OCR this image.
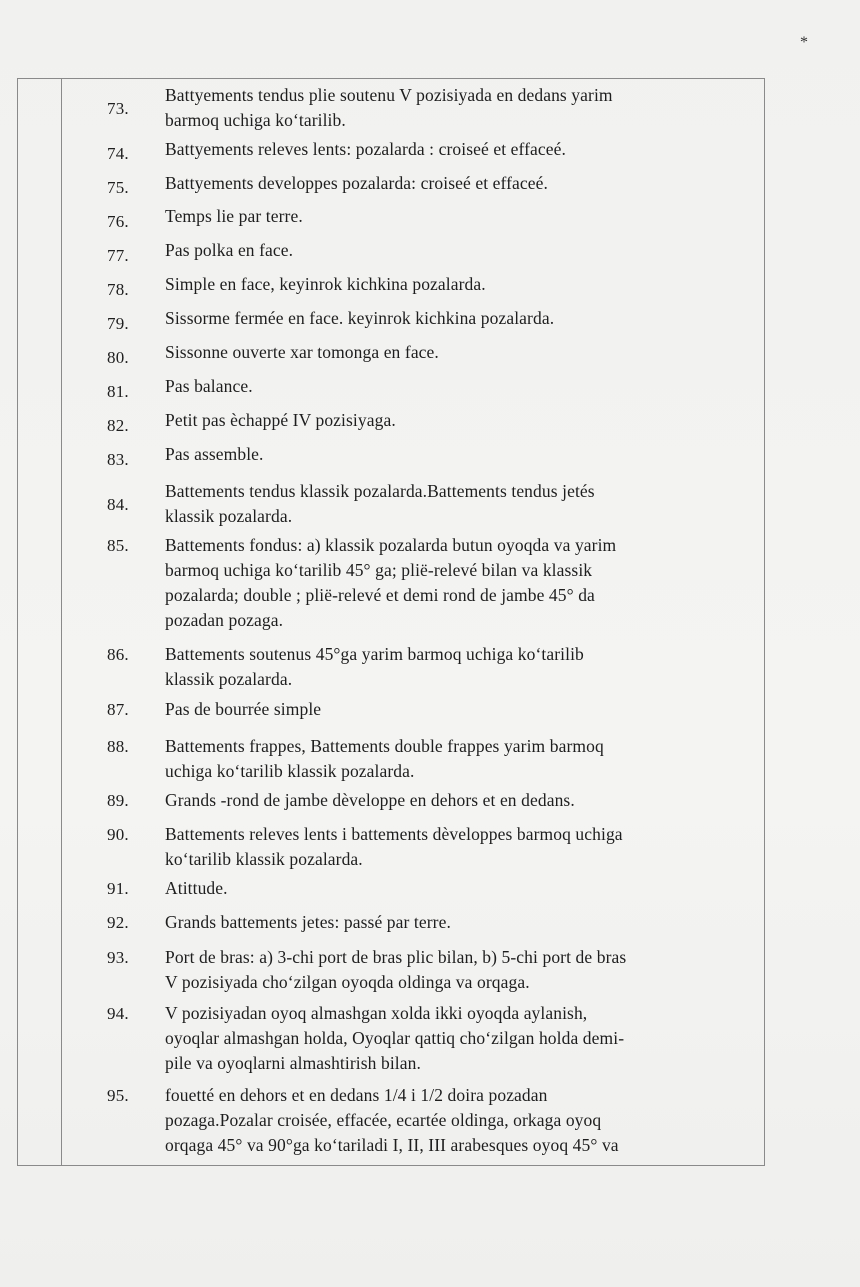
*
73.
Battyements tendus plie soutenu V pozisiyada en dedans yarim
barmoq uchiga ko‘tarilib.
74. Battyements releves lents: pozalarda : croiseé et effaceé.
75. Battyements developpes pozalarda: croiseé et effaceé.
76. Temps lie par terre.
77. Pas polka en face.
78. Simple en face, keyinrok kichkina pozalarda.
79. Sissorme fermée en face. keyinrok kichkina pozalarda.
80. Sissonne ouverte xar tomonga en face.
81. Pas balance.
82. Petit pas èchappé IV pozisiyaga.
83. Pas assemble.
84.
Battements tendus klassik pozalarda.Battements tendus jetés
klassik pozalarda.
85. Battements fondus: a) klassik pozalarda butun oyoqda va yarim
barmoq uchiga ko‘tarilib 45° ga; pliё-relevé bilan va klassik
pozalarda; double ; pliё-relevé et demi rond de jambe 45° da
pozadan pozaga.
86. Battements soutenus 45°ga yarim barmoq uchiga ko‘tarilib
klassik pozalarda.
87. Pas de bourrée simple
88. Battements frappes, Battements double frappes yarim barmoq
uchiga ko‘tarilib klassik pozalarda.
89. Grands -rond de jambe dèveloppe en dehors et en dedans.
90. Battements releves lents i battements dèveloppes barmoq uchiga
ko‘tarilib klassik pozalarda.
91. Atittude.
92. Grands battements jetes: passé par terre.
93. Port de bras: a) 3-chi port de bras plic bilan, b) 5-chi port de bras
V pozisiyada cho‘zilgan oyoqda oldinga va orqaga.
94. V pozisiyadan oyoq almashgan xolda ikki oyoqda aylanish,
oyoqlar almashgan holda, Oyoqlar qattiq cho‘zilgan holda demi-
pile va oyoqlarni almashtirish bilan.
95. fouetté en dehors et en dedans 1/4 i 1/2 doira pozadan
pozaga.Pozalar croisée, effacée, ecartée oldinga, orkaga oyoq
orqaga 45° va 90°ga ko‘tariladi I, II, III arabesques oyoq 45° va
